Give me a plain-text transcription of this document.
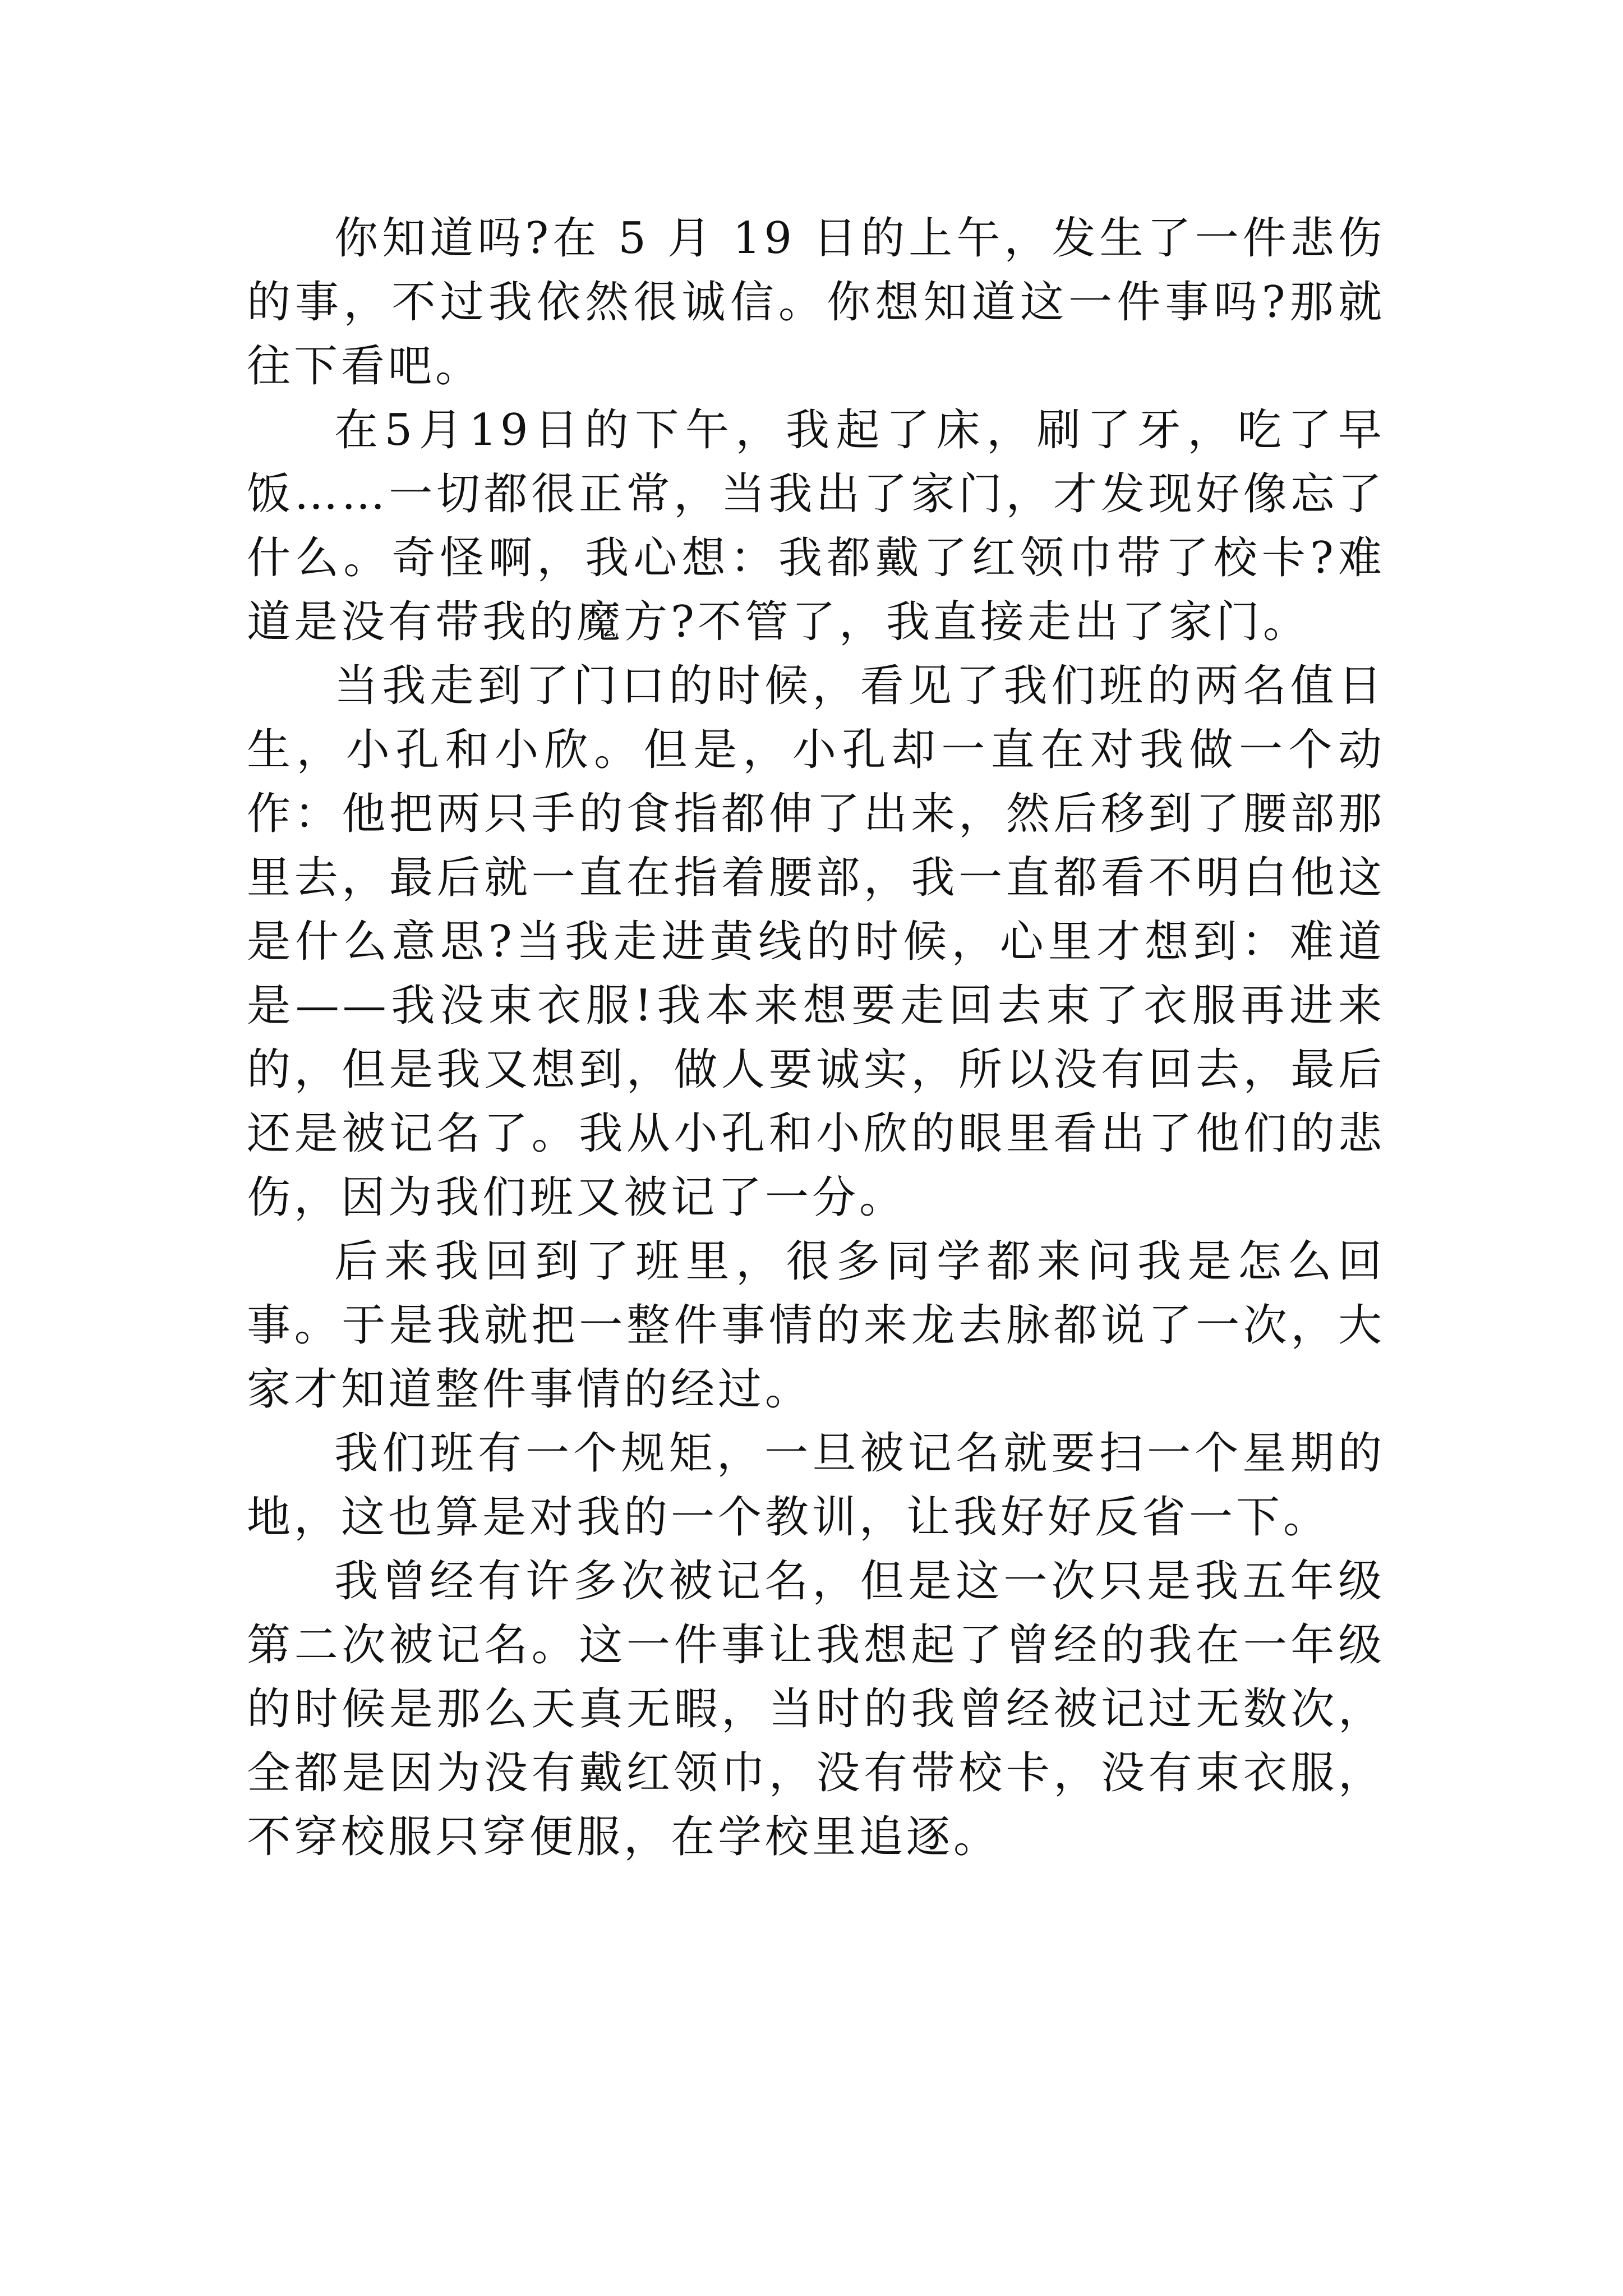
你知道吗?在 5 月 19 日的上午，发生了一件悲伤的事，不过我依然很诚信。你想知道这一件事吗?那就往下看吧。

在5月19日的下午，我起了床，刷了牙，吃了早饭……一切都很正常，当我出了家门，才发现好像忘了什么。奇怪啊，我心想：我都戴了红领巾带了校卡?难道是没有带我的魔方?不管了，我直接走出了家门。

当我走到了门口的时候，看见了我们班的两名值日生，小孔和小欣。但是，小孔却一直在对我做一个动作：他把两只手的食指都伸了出来，然后移到了腰部那里去，最后就一直在指着腰部，我一直都看不明白他这是什么意思?当我走进黄线的时候，心里才想到：难道是——我没束衣服!我本来想要走回去束了衣服再进来的，但是我又想到，做人要诚实，所以没有回去，最后还是被记名了。我从小孔和小欣的眼里看出了他们的悲伤，因为我们班又被记了一分。

后来我回到了班里，很多同学都来问我是怎么回事。于是我就把一整件事情的来龙去脉都说了一次，大家才知道整件事情的经过。

我们班有一个规矩，一旦被记名就要扫一个星期的地，这也算是对我的一个教训，让我好好反省一下。

我曾经有许多次被记名，但是这一次只是我五年级第二次被记名。这一件事让我想起了曾经的我在一年级的时候是那么天真无暇，当时的我曾经被记过无数次，全都是因为没有戴红领巾，没有带校卡，没有束衣服，不穿校服只穿便服，在学校里追逐。
